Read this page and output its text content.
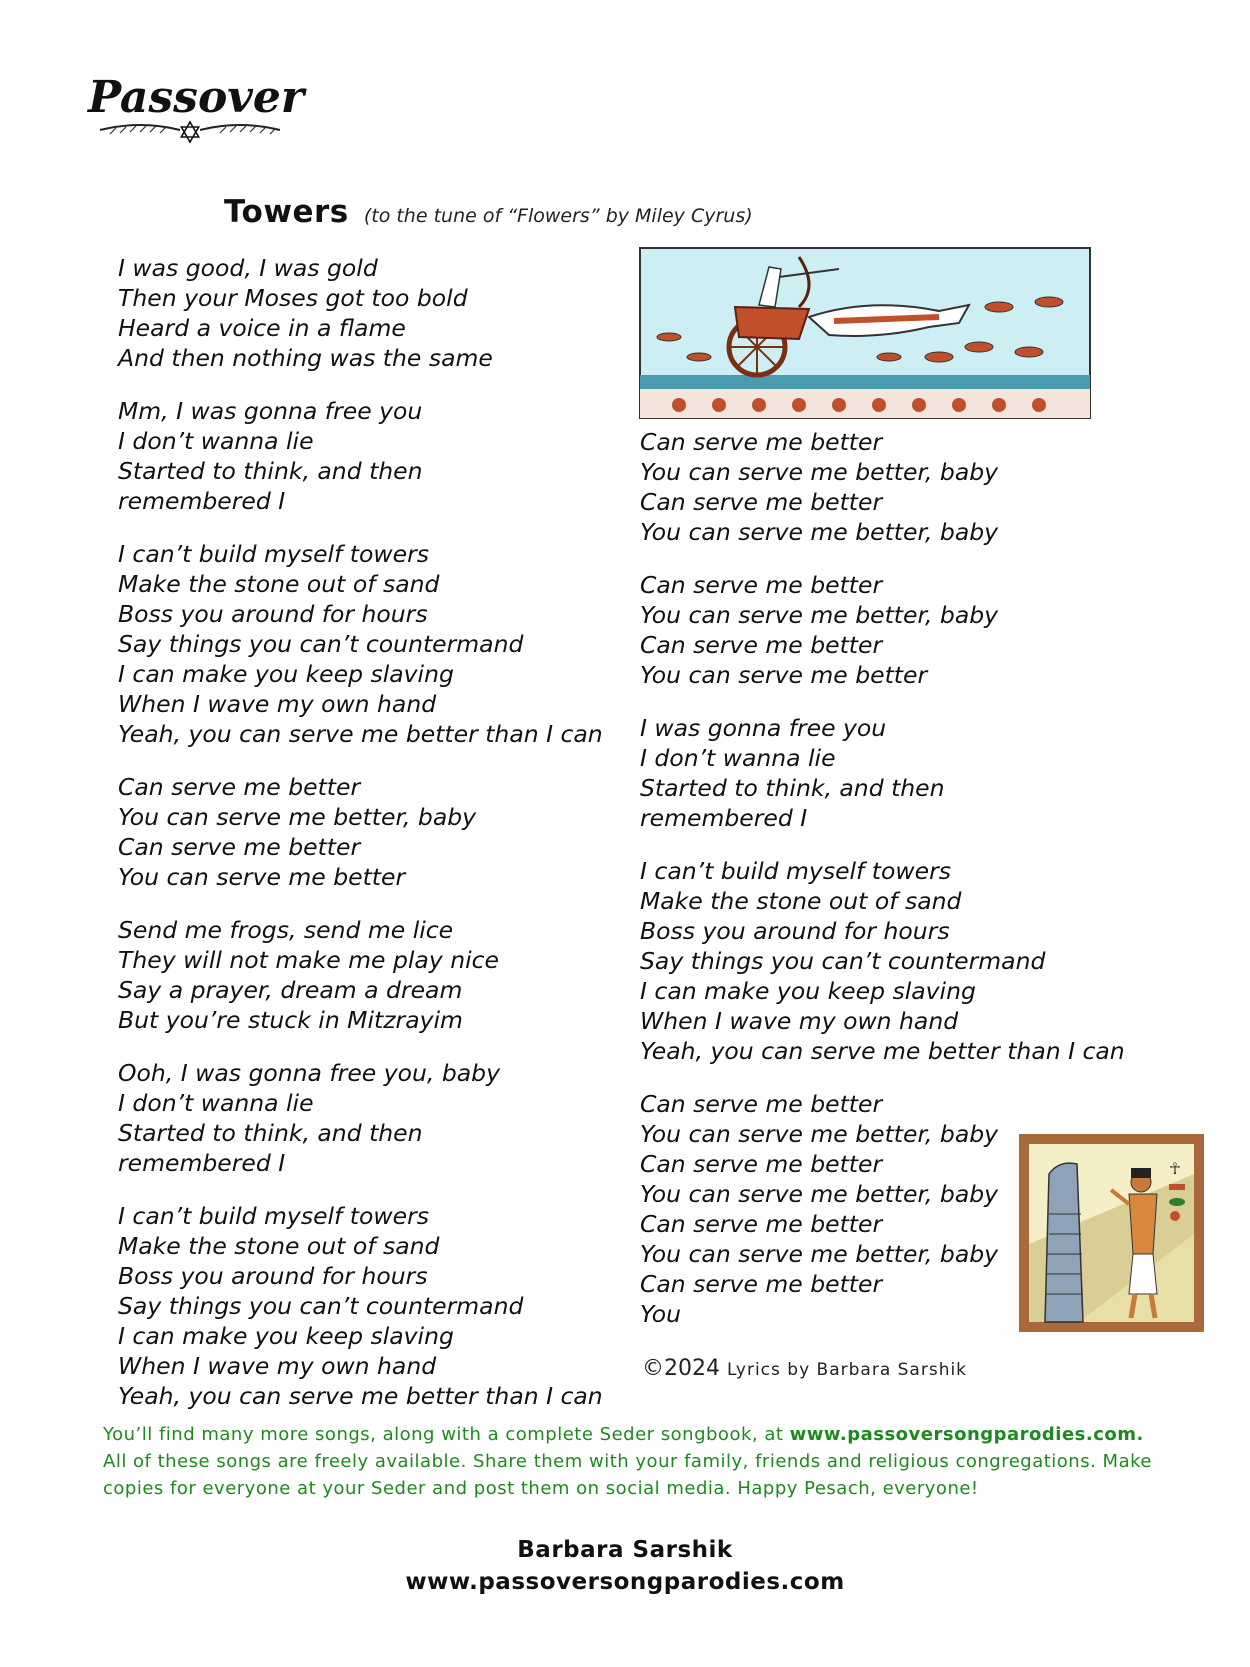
Passover
Towers (to the tune of “Flowers” by Miley Cyrus)
I was good, I was gold
Then your Moses got too bold
Heard a voice in a flame
And then nothing was the same
Mm, I was gonna free you
I don’t wanna lie
Started to think, and then
remembered I
I can’t build myself towers
Make the stone out of sand
Boss you around for hours
Say things you can’t countermand
I can make you keep slaving
When I wave my own hand
Yeah, you can serve me better than I can
Can serve me better
You can serve me better, baby
Can serve me better
You can serve me better
Send me frogs, send me lice
They will not make me play nice
Say a prayer, dream a dream
But you’re stuck in Mitzrayim
Ooh, I was gonna free you, baby
I don’t wanna lie
Started to think, and then
remembered I
I can’t build myself towers
Make the stone out of sand
Boss you around for hours
Say things you can’t countermand
I can make you keep slaving
When I wave my own hand
Yeah, you can serve me better than I can
Can serve me better
You can serve me better, baby
Can serve me better
You can serve me better, baby
Can serve me better
You can serve me better, baby
Can serve me better
You can serve me better
I was gonna free you
I don’t wanna lie
Started to think, and then
remembered I
I can’t build myself towers
Make the stone out of sand
Boss you around for hours
Say things you can’t countermand
I can make you keep slaving
When I wave my own hand
Yeah, you can serve me better than I can
Can serve me better
You can serve me better, baby
Can serve me better
You can serve me better, baby
Can serve me better
You can serve me better, baby
Can serve me better
You
☥
©2024 Lyrics by Barbara Sarshik
You’ll find many more songs, along with a complete Seder songbook, at www.passoversongparodies.com. All of these songs are freely available. Share them with your family, friends and religious congregations. Make copies for everyone at your Seder and post them on social media. Happy Pesach, everyone!
Barbara Sarshik
www.passoversongparodies.com
